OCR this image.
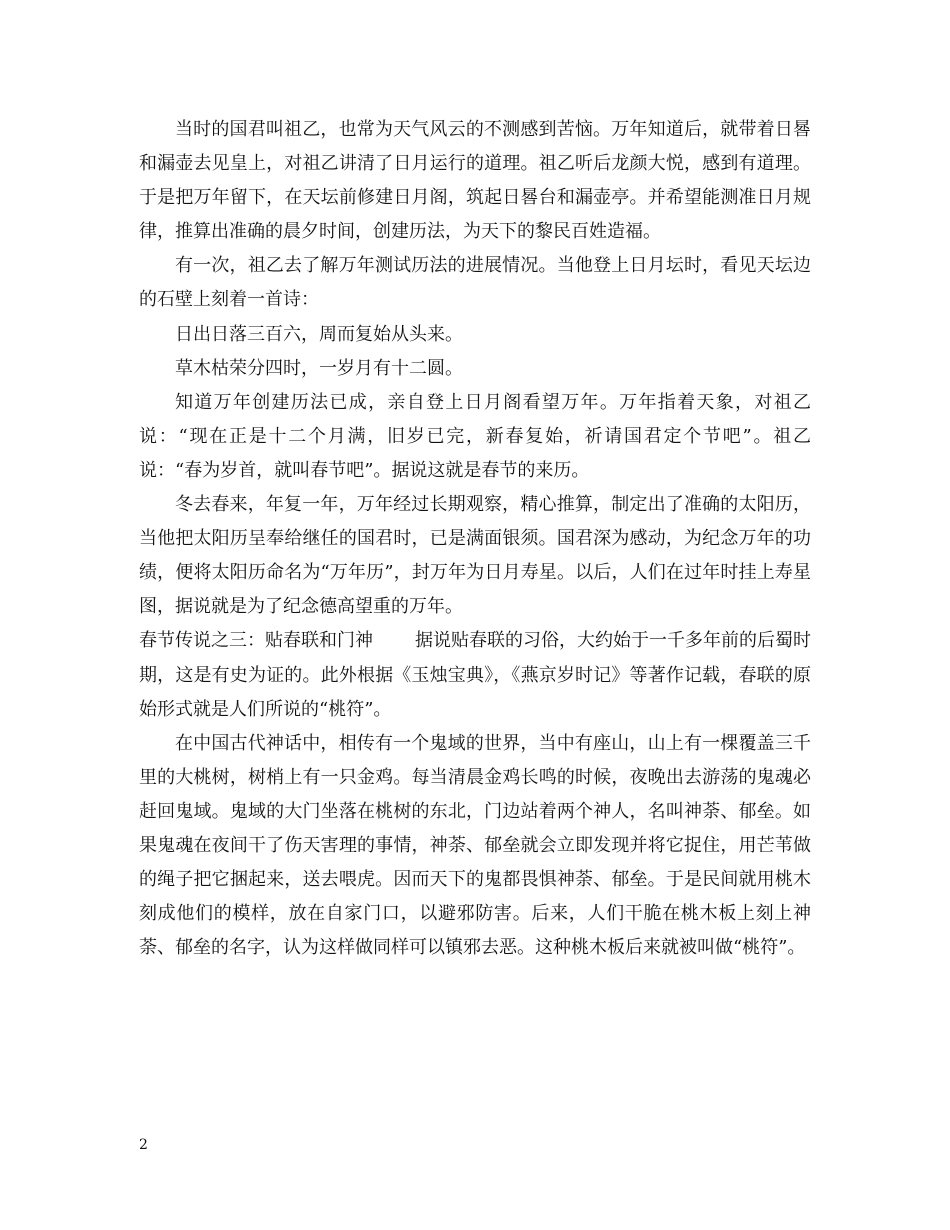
当时的国君叫祖乙，也常为天气风云的不测感到苦恼。万年知道后，就带着日晷和漏壶去见皇上，对祖乙讲清了日月运行的道理。祖乙听后龙颜大悦，感到有道理。于是把万年留下，在天坛前修建日月阁，筑起日晷台和漏壶亭。并希望能测准日月规律，推算出准确的晨夕时间，创建历法，为天下的黎民百姓造福。

有一次，祖乙去了解万年测试历法的进展情况。当他登上日月坛时，看见天坛边的石壁上刻着一首诗：

日出日落三百六，周而复始从头来。

草木枯荣分四时，一岁月有十二圆。

知道万年创建历法已成，亲自登上日月阁看望万年。万年指着天象，对祖乙说：“现在正是十二个月满，旧岁已完，新春复始，祈请国君定个节吧”。祖乙说：“春为岁首，就叫春节吧”。据说这就是春节的来历。

冬去春来，年复一年，万年经过长期观察，精心推算，制定出了准确的太阳历，当他把太阳历呈奉给继任的国君时，已是满面银须。国君深为感动，为纪念万年的功绩，便将太阳历命名为“万年历”，封万年为日月寿星。以后，人们在过年时挂上寿星图，据说就是为了纪念德高望重的万年。

春节传说之三：贴春联和门神 据说贴春联的习俗，大约始于一千多年前的后蜀时期，这是有史为证的。此外根据《玉烛宝典》，《燕京岁时记》等著作记载，春联的原始形式就是人们所说的“桃符”。

在中国古代神话中，相传有一个鬼域的世界，当中有座山，山上有一棵覆盖三千里的大桃树，树梢上有一只金鸡。每当清晨金鸡长鸣的时候，夜晚出去游荡的鬼魂必赶回鬼域。鬼域的大门坐落在桃树的东北，门边站着两个神人，名叫神荼、郁垒。如果鬼魂在夜间干了伤天害理的事情，神荼、郁垒就会立即发现并将它捉住，用芒苇做的绳子把它捆起来，送去喂虎。因而天下的鬼都畏惧神荼、郁垒。于是民间就用桃木刻成他们的模样，放在自家门口，以避邪防害。后来，人们干脆在桃木板上刻上神荼、郁垒的名字，认为这样做同样可以镇邪去恶。这种桃木板后来就被叫做“桃符”。

2
